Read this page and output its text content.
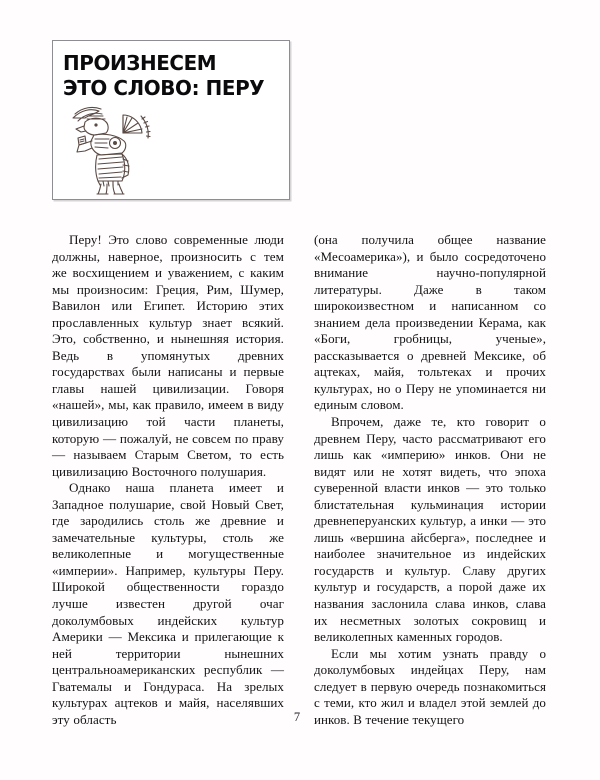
ПРОИЗНЕСЕМ
ЭТО СЛОВО: ПЕРУ

Перу! Это слово современные люди должны, наверное, произносить с тем же восхищением и уважением, с каким мы произносим: Греция, Рим, Шумер, Вавилон или Египет. Историю этих прославленных культур знает всякий. Это, собственно, и нынешняя история. Ведь в упомянутых древних государствах были написаны и первые главы нашей цивилизации. Говоря «нашей», мы, как правило, имеем в виду цивилизацию той части планеты, которую — пожалуй, не совсем по праву — называем Старым Светом, то есть цивилизацию Восточного полушария.

Однако наша планета имеет и Западное полушарие, свой Новый Свет, где зародились столь же древние и замечательные культуры, столь же великолепные и могущественные «империи». Например, культуры Перу. Широкой общественности гораздо лучше известен другой очаг доколумбовых индейских культур Америки — Мексика и прилегающие к ней территории нынешних центральноамериканских республик — Гватемалы и Гондураса. На зрелых культурах ацтеков и майя, населявших эту область

(она получила общее название «Месоамерика»), и было сосредоточено внимание научно-популярной литературы. Даже в таком широкоизвестном и написанном со знанием дела произведении Керама, как «Боги, гробницы, ученые», рассказывается о древней Мексике, об ацтеках, майя, тольтеках и прочих культурах, но о Перу не упоминается ни единым словом.

Впрочем, даже те, кто говорит о древнем Перу, часто рассматривают его лишь как «империю» инков. Они не видят или не хотят видеть, что эпоха суверенной власти инков — это только блистательная кульминация истории древнеперуанских культур, а инки — это лишь «вершина айсберга», последнее и наиболее значительное из индейских государств и культур. Славу других культур и государств, а порой даже их названия заслонила слава инков, слава их несметных золотых сокровищ и великолепных каменных городов.

Если мы хотим узнать правду о доколумбовых индейцах Перу, нам следует в первую очередь познакомиться с теми, кто жил и владел этой землей до инков. В течение текущего

7
